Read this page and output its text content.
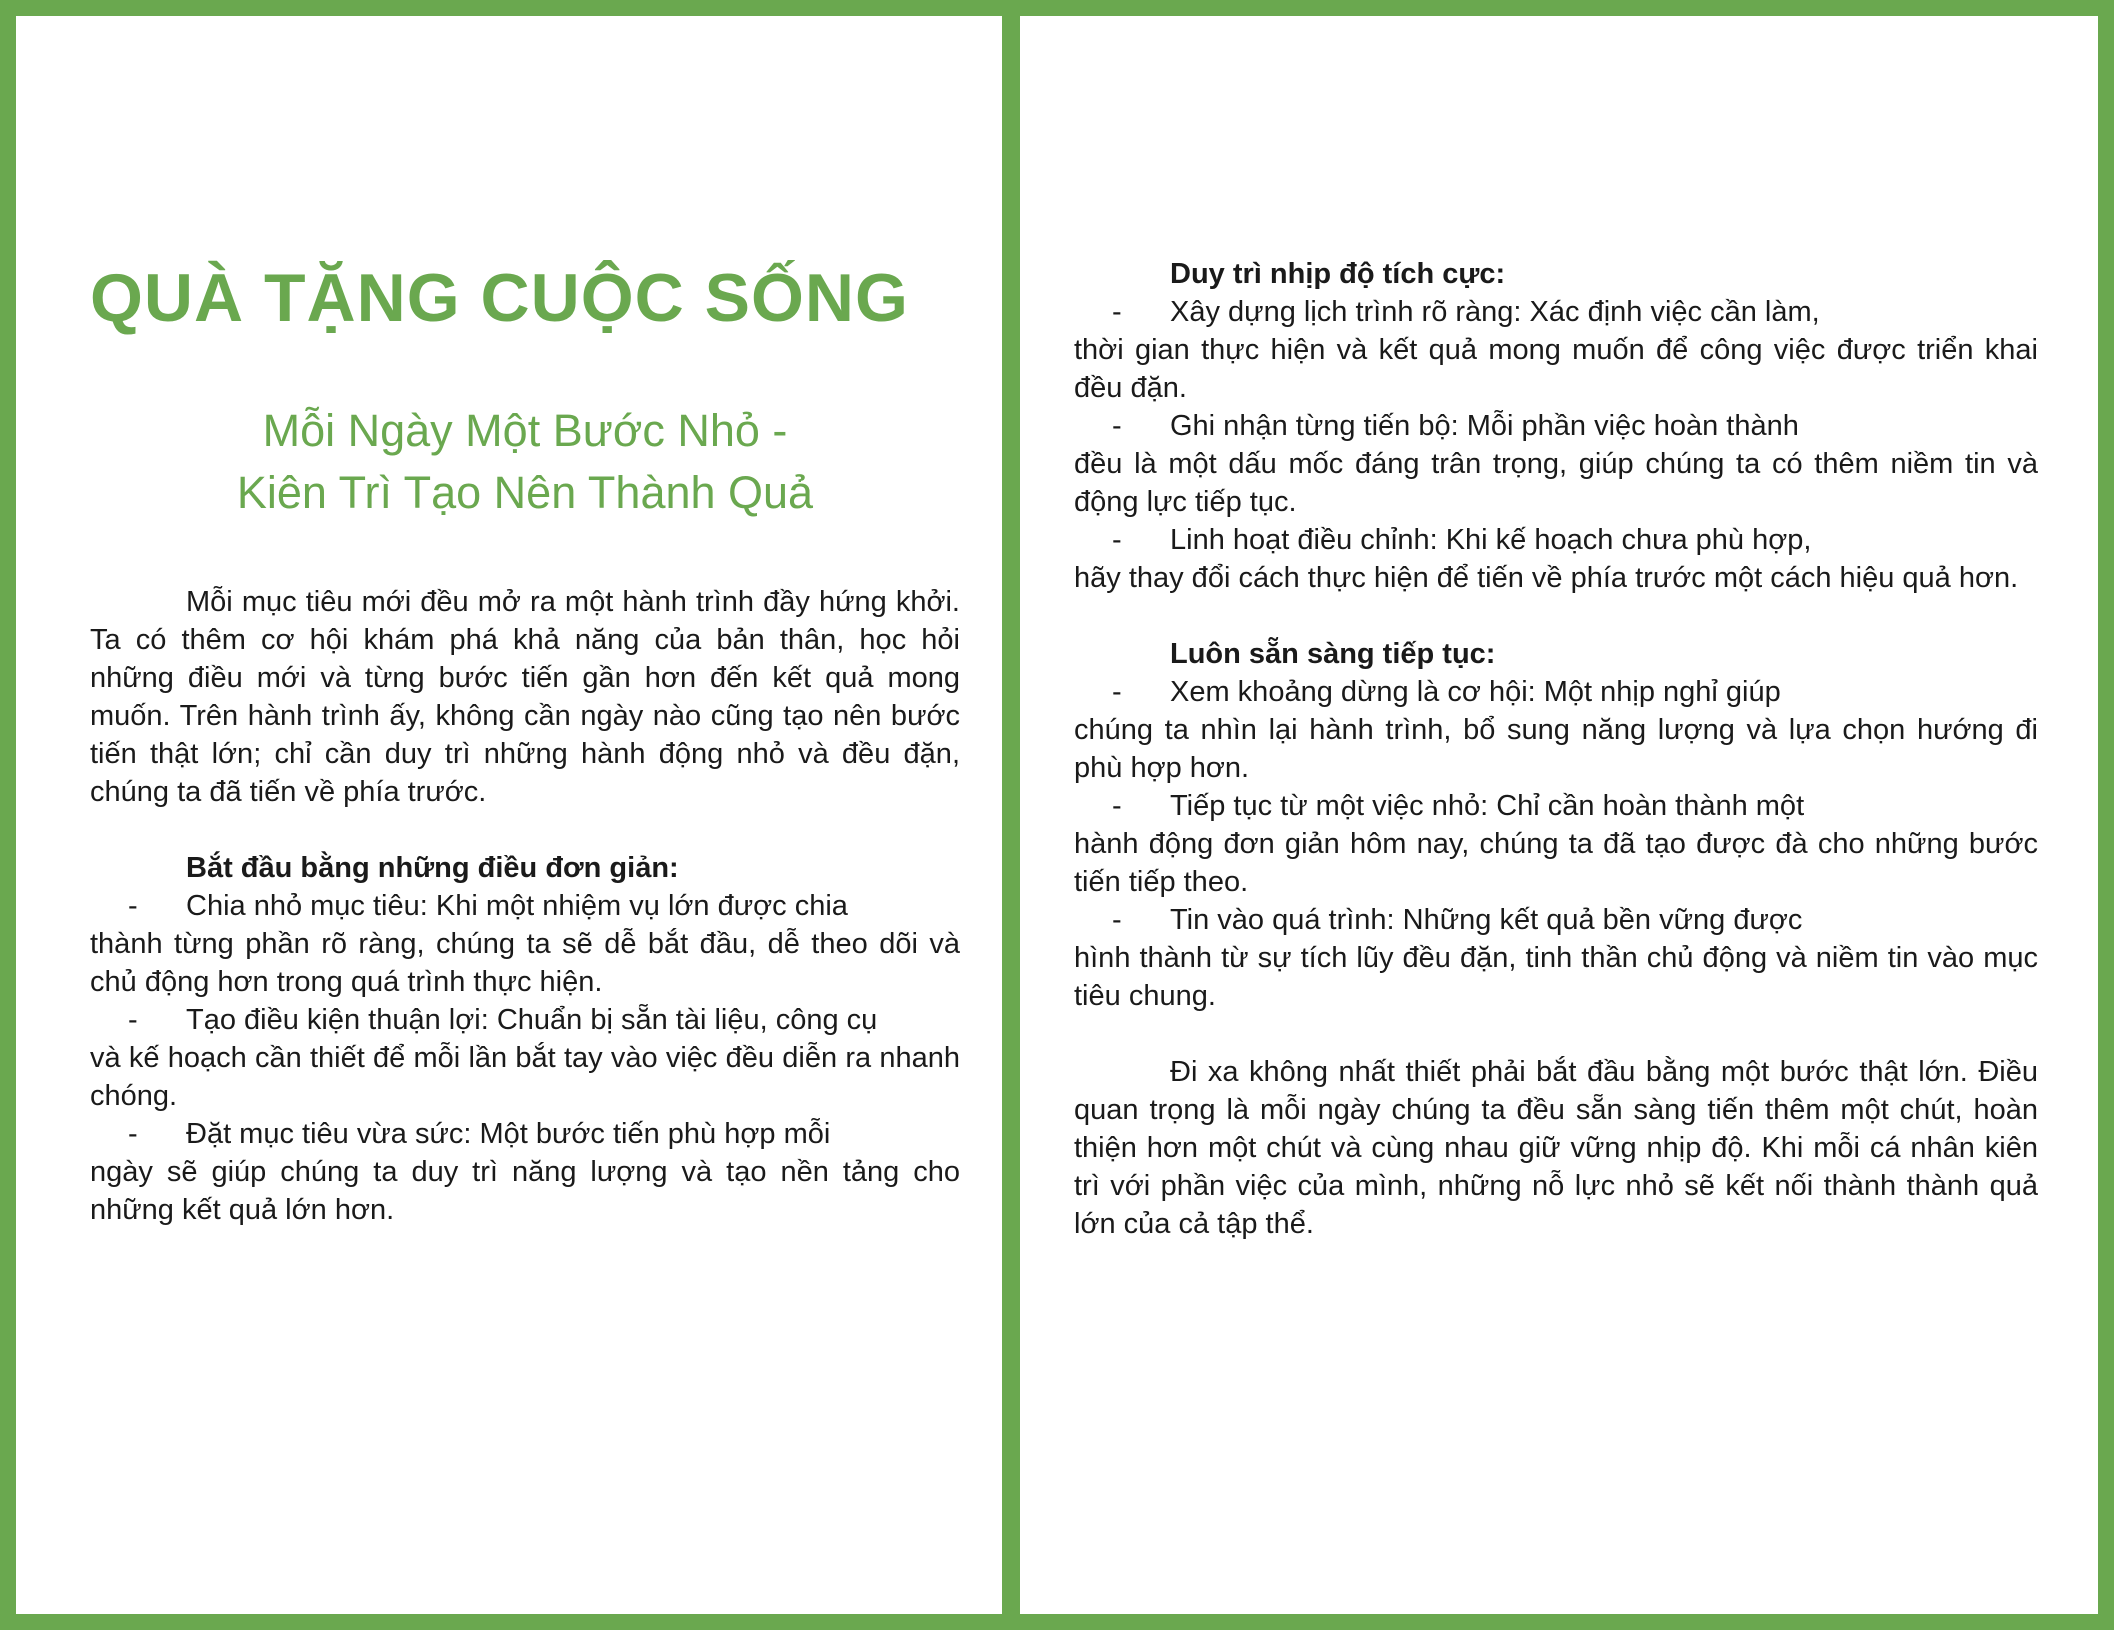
QUÀ TẶNG CUỘC SỐNG
Mỗi Ngày Một Bước Nhỏ -
Kiên Trì Tạo Nên Thành Quả

Mỗi mục tiêu mới đều mở ra một hành trình đầy hứng khởi. Ta có thêm cơ hội khám phá khả năng của bản thân, học hỏi những điều mới và từng bước tiến gần hơn đến kết quả mong muốn. Trên hành trình ấy, không cần ngày nào cũng tạo nên bước tiến thật lớn; chỉ cần duy trì những hành động nhỏ và đều đặn, chúng ta đã tiến về phía trước.

Bắt đầu bằng những điều đơn giản:

- Chia nhỏ mục tiêu: Khi một nhiệm vụ lớn được chia
thành từng phần rõ ràng, chúng ta sẽ dễ bắt đầu, dễ theo dõi và chủ động hơn trong quá trình thực hiện.
- Tạo điều kiện thuận lợi: Chuẩn bị sẵn tài liệu, công cụ
và kế hoạch cần thiết để mỗi lần bắt tay vào việc đều diễn ra nhanh chóng.
- Đặt mục tiêu vừa sức: Một bước tiến phù hợp mỗi
ngày sẽ giúp chúng ta duy trì năng lượng và tạo nền tảng cho những kết quả lớn hơn.

Duy trì nhịp độ tích cực:

- Xây dựng lịch trình rõ ràng: Xác định việc cần làm,
thời gian thực hiện và kết quả mong muốn để công việc được triển khai đều đặn.
- Ghi nhận từng tiến bộ: Mỗi phần việc hoàn thành
đều là một dấu mốc đáng trân trọng, giúp chúng ta có thêm niềm tin và động lực tiếp tục.
- Linh hoạt điều chỉnh: Khi kế hoạch chưa phù hợp,
hãy thay đổi cách thực hiện để tiến về phía trước một cách hiệu quả hơn.

Luôn sẵn sàng tiếp tục:

- Xem khoảng dừng là cơ hội: Một nhịp nghỉ giúp
chúng ta nhìn lại hành trình, bổ sung năng lượng và lựa chọn hướng đi phù hợp hơn.
- Tiếp tục từ một việc nhỏ: Chỉ cần hoàn thành một
hành động đơn giản hôm nay, chúng ta đã tạo được đà cho những bước tiến tiếp theo.
- Tin vào quá trình: Những kết quả bền vững được
hình thành từ sự tích lũy đều đặn, tinh thần chủ động và niềm tin vào mục tiêu chung.

Đi xa không nhất thiết phải bắt đầu bằng một bước thật lớn. Điều quan trọng là mỗi ngày chúng ta đều sẵn sàng tiến thêm một chút, hoàn thiện hơn một chút và cùng nhau giữ vững nhịp độ. Khi mỗi cá nhân kiên trì với phần việc của mình, những nỗ lực nhỏ sẽ kết nối thành thành quả lớn của cả tập thể.
